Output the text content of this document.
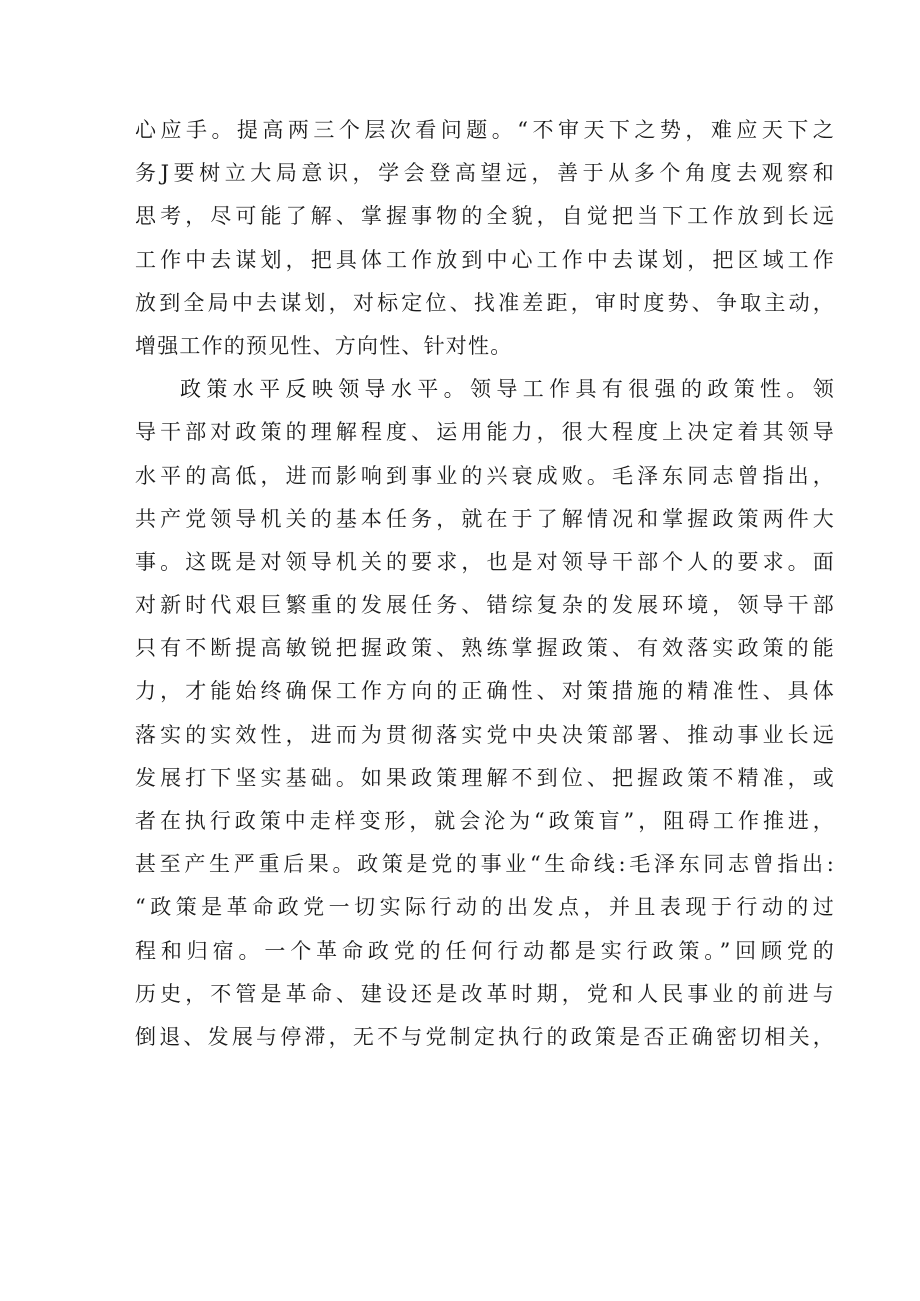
心应手。提高两三个层次看问题。“不审天下之势，难应天下之
务J要树立大局意识，学会登高望远，善于从多个角度去观察和
思考，尽可能了解、掌握事物的全貌，自觉把当下工作放到长远
工作中去谋划，把具体工作放到中心工作中去谋划，把区域工作
放到全局中去谋划，对标定位、找准差距，审时度势、争取主动，
增强工作的预见性、方向性、针对性。
政策水平反映领导水平。领导工作具有很强的政策性。领
导干部对政策的理解程度、运用能力，很大程度上决定着其领导
水平的高低，进而影响到事业的兴衰成败。毛泽东同志曾指出，
共产党领导机关的基本任务，就在于了解情况和掌握政策两件大
事。这既是对领导机关的要求，也是对领导干部个人的要求。面
对新时代艰巨繁重的发展任务、错综复杂的发展环境，领导干部
只有不断提高敏锐把握政策、熟练掌握政策、有效落实政策的能
力，才能始终确保工作方向的正确性、对策措施的精准性、具体
落实的实效性，进而为贯彻落实党中央决策部署、推动事业长远
发展打下坚实基础。如果政策理解不到位、把握政策不精准，或
者在执行政策中走样变形，就会沦为“政策盲”，阻碍工作推进，
甚至产生严重后果。政策是党的事业“生命线:毛泽东同志曾指出:
“政策是革命政党一切实际行动的出发点，并且表现于行动的过
程和归宿。一个革命政党的任何行动都是实行政策。”回顾党的
历史，不管是革命、建设还是改革时期，党和人民事业的前进与
倒退、发展与停滞，无不与党制定执行的政策是否正确密切相关，
